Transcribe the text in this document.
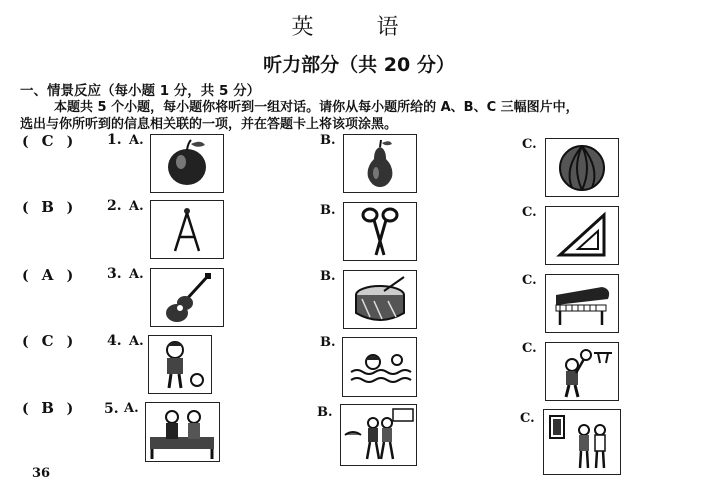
英 语
听力部分（共 20 分）
一、情景反应（每小题 1 分，共 5 分）
本题共 5 个小题，每小题你将听到一组对话。请你从每小题所给的 A、B、C 三幅图片中，
选出与你所听到的信息相关联的一项，并在答题卡上将该项涂黑。
( C ) 1. A.	B.	C.
( B ) 2. A.	B.	C.
( A ) 3. A.	B.	C.
( C ) 4. A.	B.	C.
( B ) 5. A.	B.	C.
36
